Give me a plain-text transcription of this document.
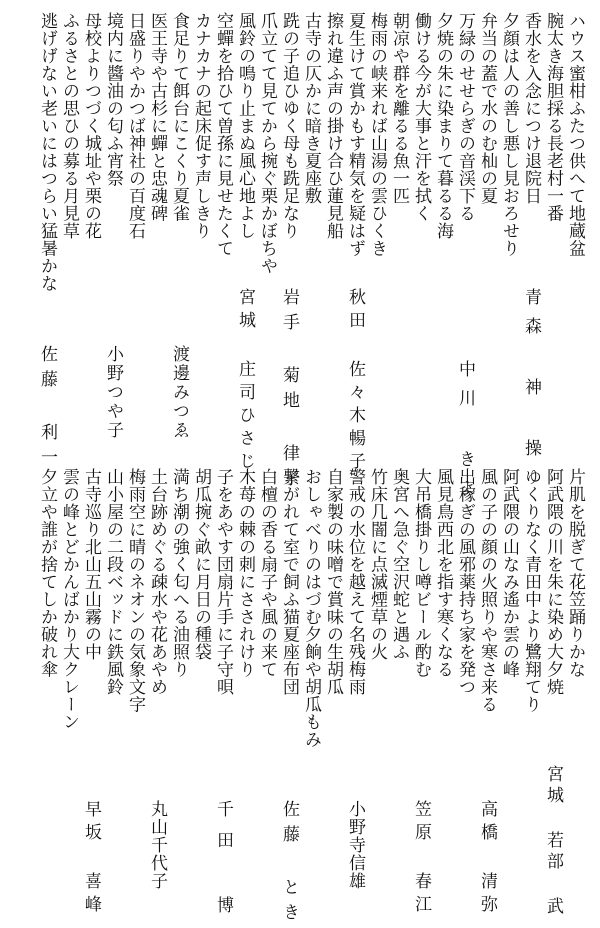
ハウス蜜柑ふたつ供へて地蔵盆
腕太き海胆採る長老村一番
香水を入念につけ退院日
夕顔は人の善し悪し見おろせり
弁当の蓋で水のむ杣の夏
万緑のせせらぎの音渓下る
夕焼の朱に染まりて暮るる海
働ける今が大事と汗を拭く
朝凉や群を離るる魚一匹
梅雨の峡来れば山湯の雲ひくき
夏生けて賞かもす精気を疑はず
擦れ違ふ声の掛け合ひ蓮見船
古寺の仄かに暗き夏座敷
跣の子追ひゆく母も跣足なり
爪立てて見てから捥ぐ栗かぼちや
風鈴の鳴り止まぬ風心地よし
空蟬を拾ひて曽孫に見せたくて
カナカナの起床促す声しきり
食足りて餌台にこくり夏雀
医王寺や古杉に蟬と忠魂碑
日盛りやかつば神社の百度石
境内に醬油の匂ふ宵祭
母校よりつづく城址や栗の花
ふるさとの思ひの募る月見草
逃げげない老いにはつらい猛暑かな
青森 神 操
中川 きよ
秋田 佐々木暢子
岩手 菊地 律子
宮城 庄司ひさじ
渡邊みつゑ
小野つや子
佐藤 利一
片肌を脱ぎて花笠踊りかな
阿武隈の川を朱に染め大夕焼
ゆくりなく青田中より鷺翔てり
阿武隈の山なみ遙か雲の峰
風の子の顔の火照りや寒さ来る
出稼ぎの風邪薬持ち家を発つ
風見鳥西北を指す寒くなる
大吊橋掛りし噂ビール酌む
奥宮へ急ぐ空沢蛇と遇ふ
竹床几闇に点滅煙草の火
警戒の水位を越えて名残梅雨
自家製の味噌で賞味の生胡瓜
おしゃべりのはづむ夕餉や胡瓜もみ
繋がれて室で飼ふ猫夏座布団
白檀の香る扇子や風の来て
木苺の棘の刺にさされけり
子をあやす団扇片手に子守唄
胡瓜捥ぐ畝に月日の種袋
満ち潮の強く匂へる油照り
土台跡めぐる疎水や花あやめ
梅雨空に晴のネオンの気象文字
山小屋の二段ベッドに鉄風鈴
古寺巡り北山五山霧の中
雲の峰とどかんばかり大クレーン
夕立や誰が捨てしか破れ傘
宮城 若部 武
高橋 清弥
笠原 春江
小野寺信雄
佐藤 とき
千田 博
丸山千代子
早坂 喜峰
